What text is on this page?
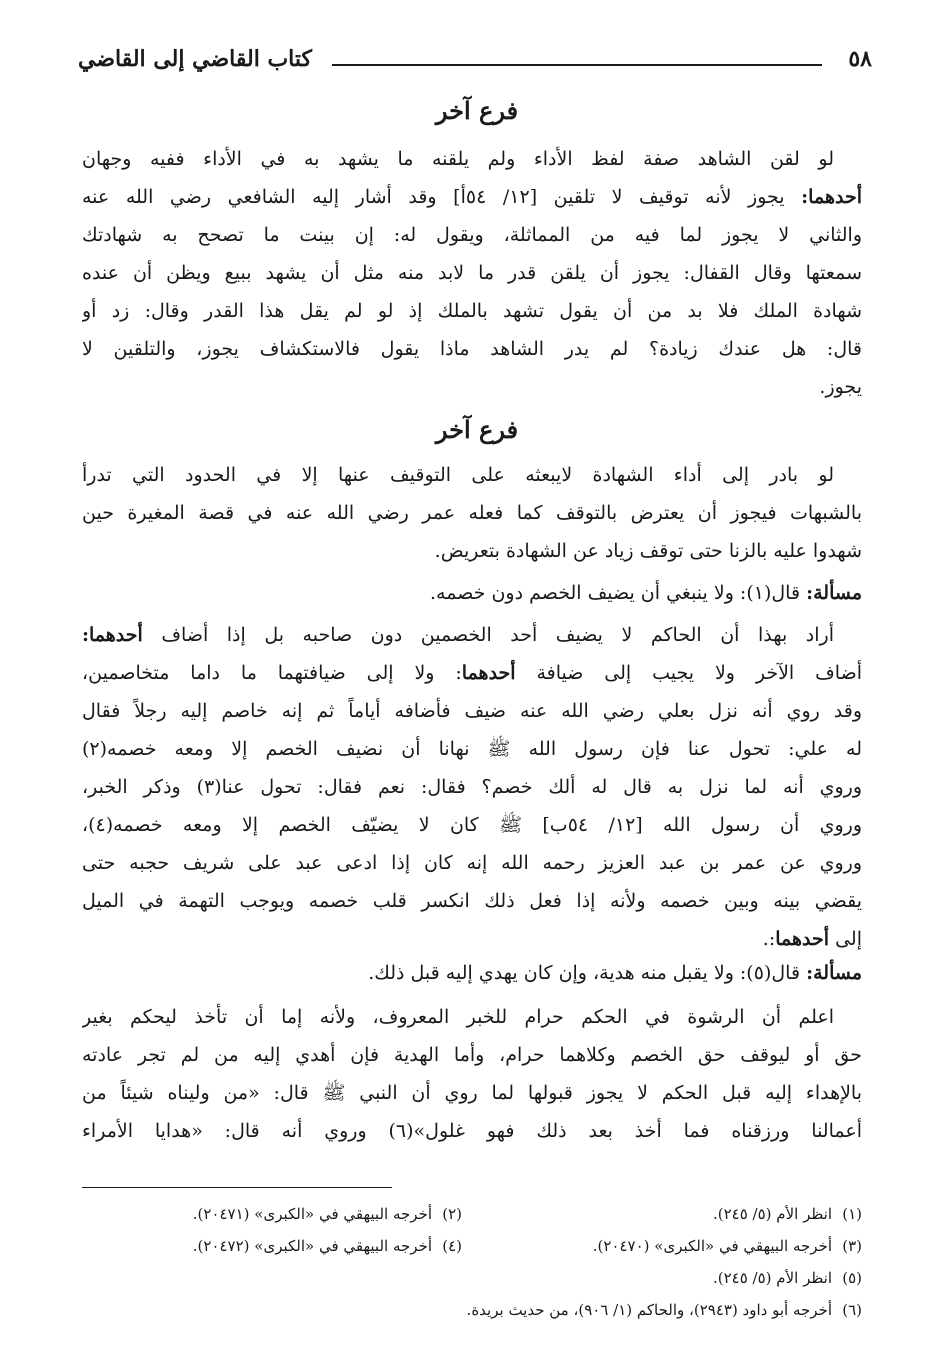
٥٨
كتاب القاضي إلى القاضي
فرع آخر
لو لقن الشاهد صفة لفظ الأداء ولم يلقنه ما يشهد به في الأداء ففيه وجهان
أحدهما: يجوز لأنه توقيف لا تلقين [١٢/ ٥٤أ] وقد أشار إليه الشافعي رضي الله عنه
والثاني لا يجوز لما فيه من المماثلة، ويقول له: إن بينت ما تصحح به شهادتك
سمعتها وقال القفال: يجوز أن يلقن قدر ما لابد منه مثل أن يشهد ببيع ويظن أن عنده
شهادة الملك فلا بد من أن يقول تشهد بالملك إذ لو لم يقل هذا القدر وقال: زد أو
قال: هل عندك زيادة؟ لم يدر الشاهد ماذا يقول فالاستكشاف يجوز، والتلقين لا
يجوز.
فرع آخر
لو بادر إلى أداء الشهادة لايبعثه على التوقيف عنها إلا في الحدود التي تدرأ
بالشبهات فيجوز أن يعترض بالتوقف كما فعله عمر رضي الله عنه في قصة المغيرة حين
شهدوا عليه بالزنا حتى توقف زياد عن الشهادة بتعريض.
مسألة: قال(١): ولا ينبغي أن يضيف الخصم دون خصمه.
أراد بهذا أن الحاكم لا يضيف أحد الخصمين دون صاحبه بل إذا أضاف أحدهما:
أضاف الآخر ولا يجيب إلى ضيافة أحدهما: ولا إلى ضيافتهما ما داما متخاصمين،
وقد روي أنه نزل بعلي رضي الله عنه ضيف فأضافه أياماً ثم إنه خاصم إليه رجلاً فقال
له علي: تحول عنا فإن رسول الله ﷺ نهانا أن نضيف الخصم إلا ومعه خصمه(٢)
وروي أنه لما نزل به قال له ألك خصم؟ فقال: نعم فقال: تحول عنا(٣) وذكر الخبر،
وروي أن رسول الله [١٢/ ٥٤ب] ﷺ كان لا يضيّف الخصم إلا ومعه خصمه(٤)،
وروي عن عمر بن عبد العزيز رحمه الله إنه كان إذا ادعى عبد على شريف حجبه حتى
يقضي بينه وبين خصمه ولأنه إذا فعل ذلك انكسر قلب خصمه ويوجب التهمة في الميل
إلى أحدهما:.
مسألة: قال(٥): ولا يقبل منه هدية، وإن كان يهدي إليه قبل ذلك.
اعلم أن الرشوة في الحكم حرام للخبر المعروف، ولأنه إما أن تأخذ ليحكم بغير
حق أو ليوقف حق الخصم وكلاهما حرام، وأما الهدية فإن أهدي إليه من لم تجر عادته
بالإهداء إليه قبل الحكم لا يجوز قبولها لما روي أن النبي ﷺ قال: «من وليناه شيئاً من
أعمالنا ورزقناه فما أخذ بعد ذلك فهو غلول»(٦) وروي أنه قال: «هدايا الأمراء
(١)انظر الأم (٥/ ٢٤٥).
(٢)أخرجه البيهقي في «الكبرى» (٢٠٤٧١).
(٣)أخرجه البيهقي في «الكبرى» (٢٠٤٧٠).
(٤)أخرجه البيهقي في «الكبرى» (٢٠٤٧٢).
(٥)انظر الأم (٥/ ٢٤٥).
(٦)أخرجه أبو داود (٢٩٤٣)، والحاكم (١/ ٩٠٦)، من حديث بريدة.
